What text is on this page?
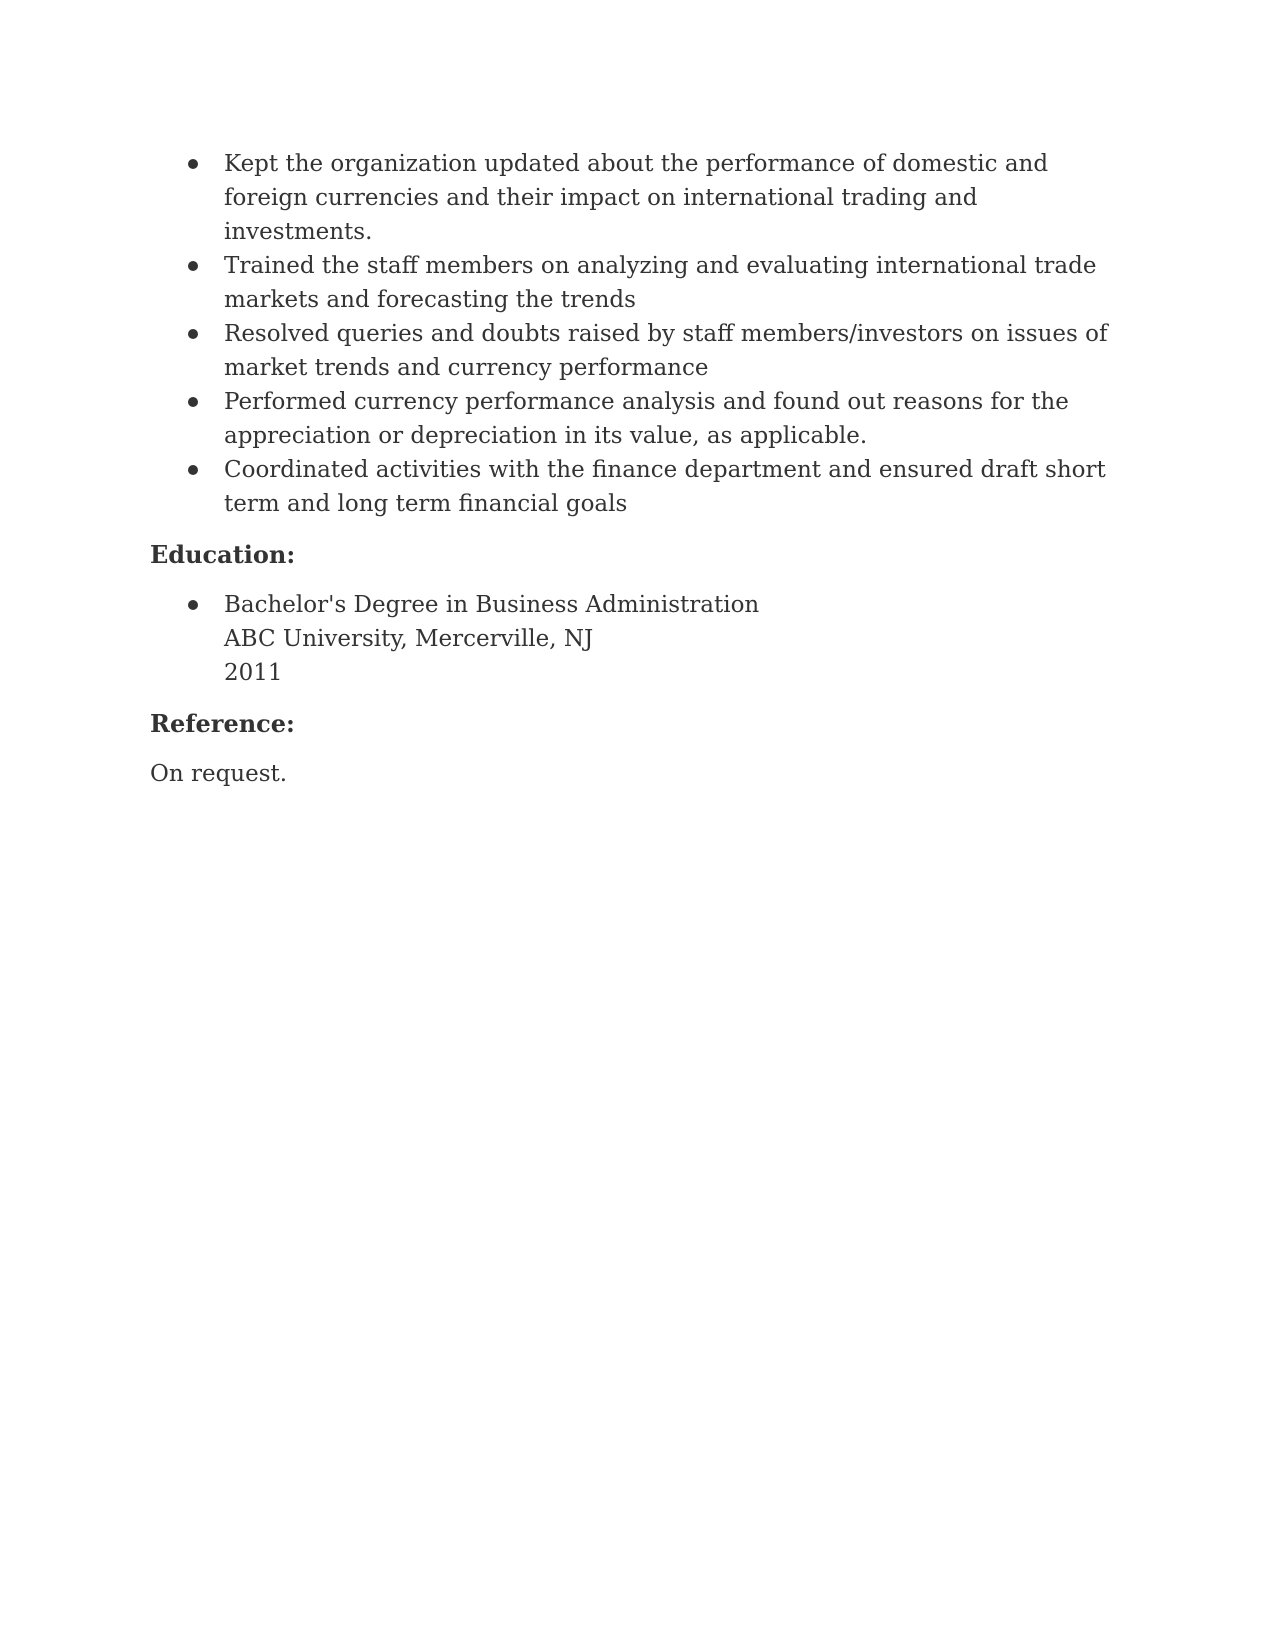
Kept the organization updated about the performance of domestic and foreign currencies and their impact on international trading and investments.
Trained the staff members on analyzing and evaluating international trade markets and forecasting the trends
Resolved queries and doubts raised by staff members/investors on issues of market trends and currency performance
Performed currency performance analysis and found out reasons for the appreciation or depreciation in its value, as applicable.
Coordinated activities with the finance department and ensured draft short term and long term financial goals
Education:
Bachelor's Degree in Business Administration
ABC University, Mercerville, NJ
2011
Reference:

On request.
